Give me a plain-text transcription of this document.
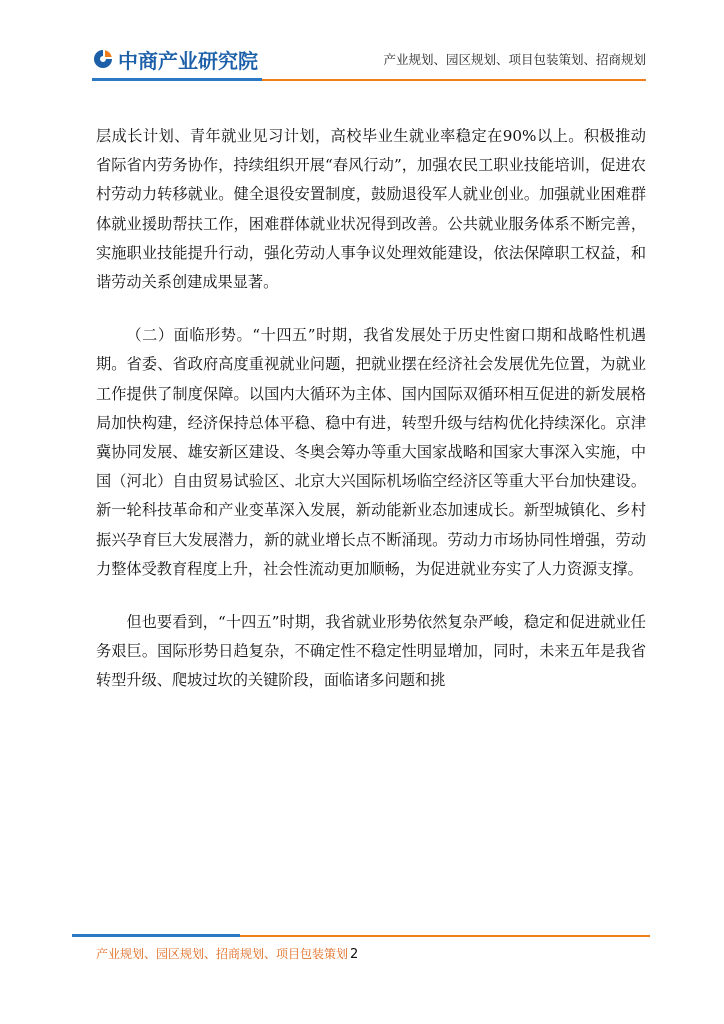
中商产业研究院	产业规划、园区规划、项目包装策划、招商规划

层成长计划、青年就业见习计划，高校毕业生就业率稳定在90%以上。积极推动省际省内劳务协作，持续组织开展“春风行动”，加强农民工职业技能培训，促进农村劳动力转移就业。健全退役安置制度，鼓励退役军人就业创业。加强就业困难群体就业援助帮扶工作，困难群体就业状况得到改善。公共就业服务体系不断完善，实施职业技能提升行动，强化劳动人事争议处理效能建设，依法保障职工权益，和谐劳动关系创建成果显著。

（二）面临形势。“十四五”时期，我省发展处于历史性窗口期和战略性机遇期。省委、省政府高度重视就业问题，把就业摆在经济社会发展优先位置，为就业工作提供了制度保障。以国内大循环为主体、国内国际双循环相互促进的新发展格局加快构建，经济保持总体平稳、稳中有进，转型升级与结构优化持续深化。京津冀协同发展、雄安新区建设、冬奥会筹办等重大国家战略和国家大事深入实施，中国（河北）自由贸易试验区、北京大兴国际机场临空经济区等重大平台加快建设。新一轮科技革命和产业变革深入发展，新动能新业态加速成长。新型城镇化、乡村振兴孕育巨大发展潜力，新的就业增长点不断涌现。劳动力市场协同性增强，劳动力整体受教育程度上升，社会性流动更加顺畅，为促进就业夯实了人力资源支撑。

但也要看到，“十四五”时期，我省就业形势依然复杂严峻，稳定和促进就业任务艰巨。国际形势日趋复杂，不确定性不稳定性明显增加，同时，未来五年是我省转型升级、爬坡过坎的关键阶段，面临诸多问题和挑

产业规划、园区规划、招商规划、项目包装策划 2
